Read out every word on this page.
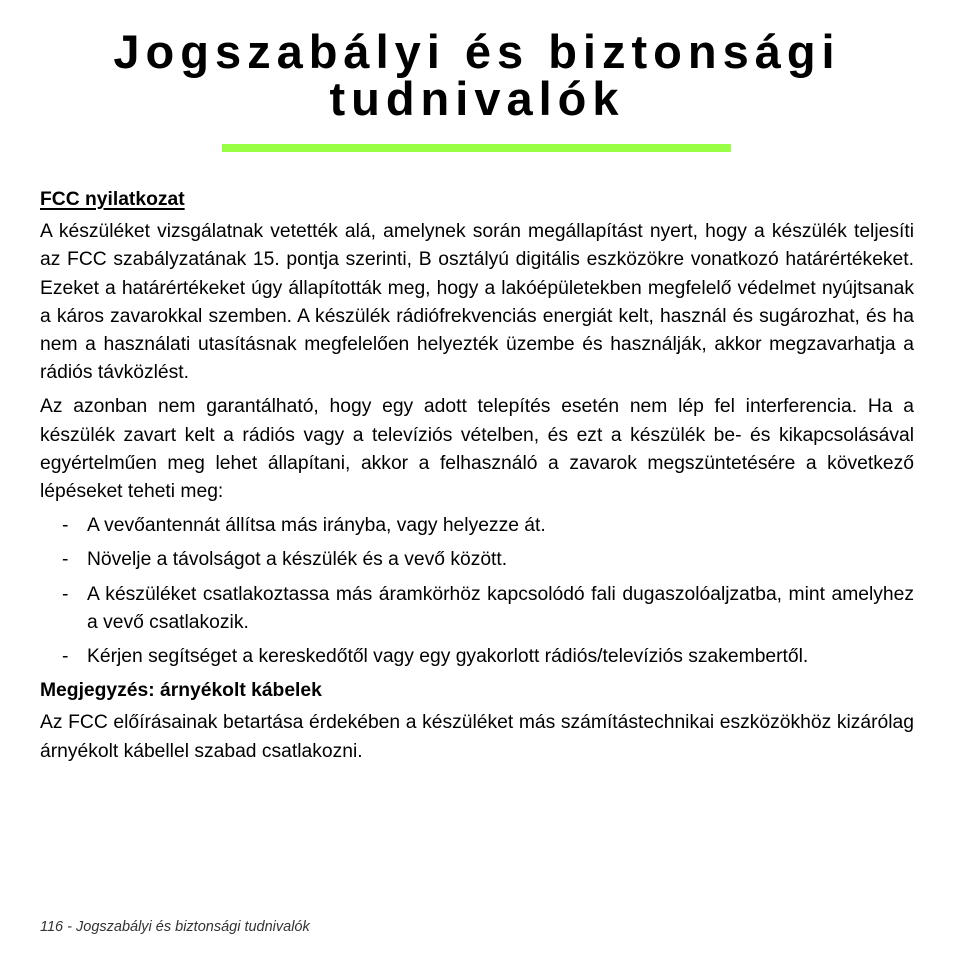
Jogszabályi és biztonsági
tudnivalók
FCC nyilatkozat

A készüléket vizsgálatnak vetették alá, amelynek során megállapítást nyert, hogy a készülék teljesíti az FCC szabályzatának 15. pontja szerinti, B osztályú digitális eszközökre vonatkozó határértékeket. Ezeket a határértékeket úgy állapították meg, hogy a lakóépületekben megfelelő védelmet nyújtsanak a káros zavarokkal szemben. A készülék rádiófrekvenciás energiát kelt, használ és sugározhat, és ha nem a használati utasításnak megfelelően helyezték üzembe és használják, akkor megzavarhatja a rádiós távközlést.

Az azonban nem garantálható, hogy egy adott telepítés esetén nem lép fel interferencia. Ha a készülék zavart kelt a rádiós vagy a televíziós vételben, és ezt a készülék be- és kikapcsolásával egyértelműen meg lehet állapítani, akkor a felhasználó a zavarok megszüntetésére a következő lépéseket teheti meg:

- A vevőantennát állítsa más irányba, vagy helyezze át.
- Növelje a távolságot a készülék és a vevő között.
- A készüléket csatlakoztassa más áramkörhöz kapcsolódó fali dugaszolóaljzatba, mint amelyhez a vevő csatlakozik.
- Kérjen segítséget a kereskedőtől vagy egy gyakorlott rádiós/televíziós szakembertől.
Megjegyzés: árnyékolt kábelek

Az FCC előírásainak betartása érdekében a készüléket más számítástechnikai eszközökhöz kizárólag árnyékolt kábellel szabad csatlakozni.

116 - Jogszabályi és biztonsági tudnivalók
